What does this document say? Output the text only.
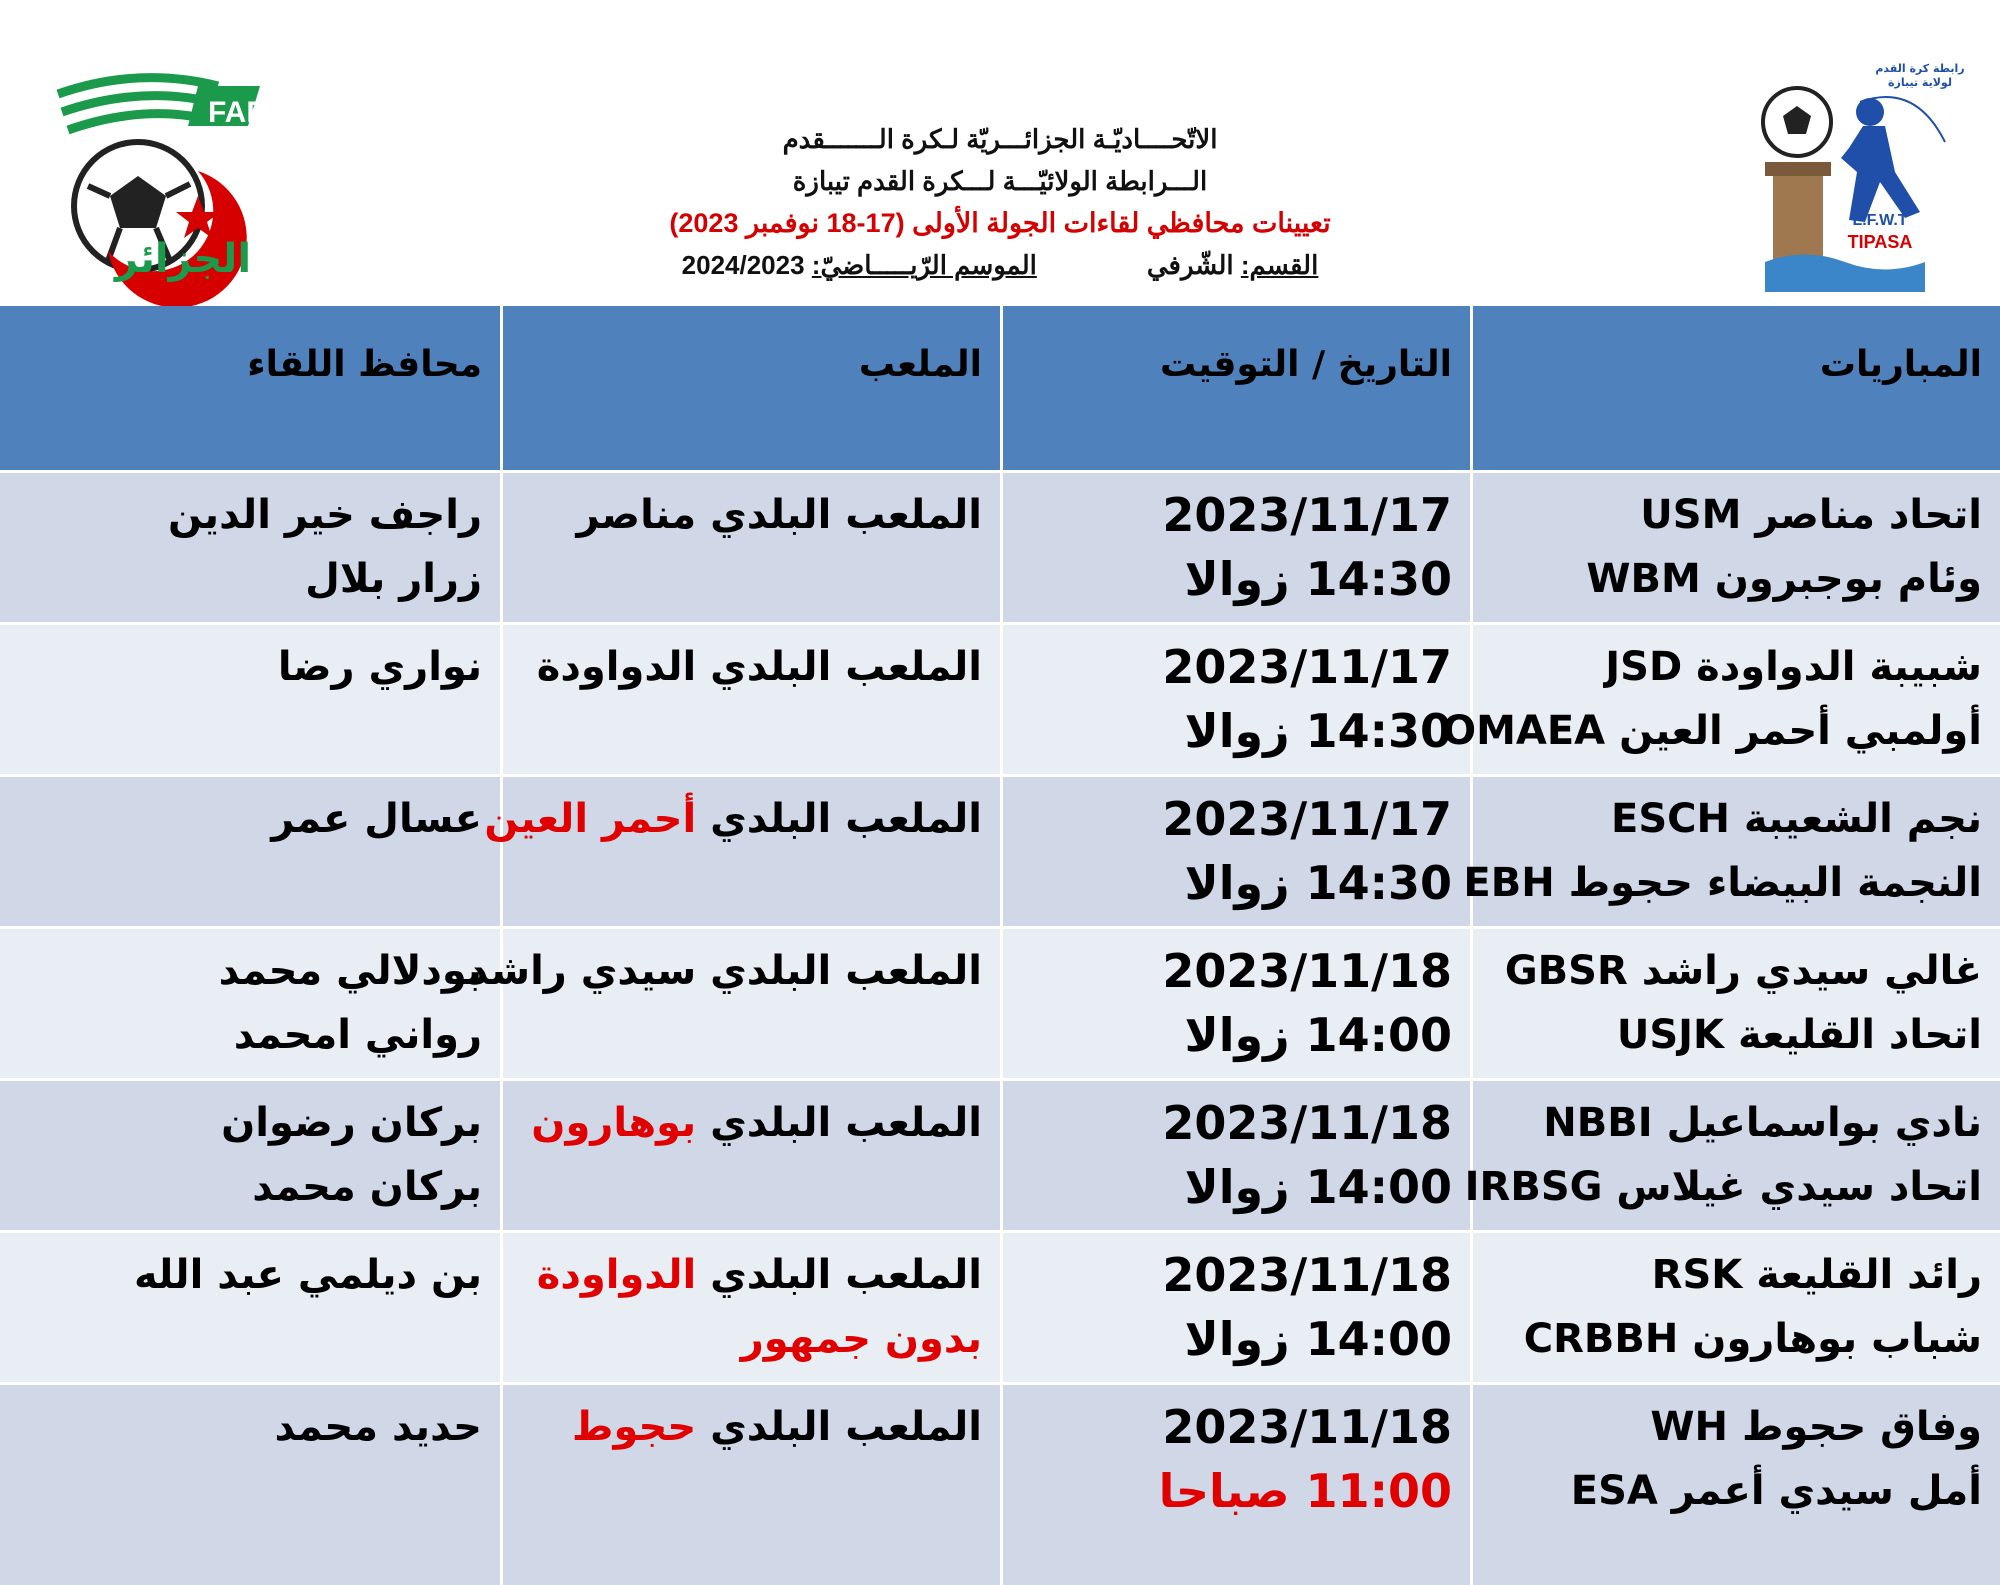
FAF
الجزائر
الاتّحــــاديّـة الجزائـــريّة لـكرة الـــــــقدم
الـــرابطة الولائيّـــة لـــكرة القدم تيبازة
تعيينات محافظي لقاءات الجولة الأولى (17-18 نوفمبر 2023)
القسم: الشّرفي
الموسم الرّيـــــاضيّ: 2024/2023
L.F.W.T
TIPASA
رابطة كرة القدم لولاية تيبازة
المباريات
التاريخ / التوقيت
الملعب
محافظ اللقاء
اتحاد مناصر USM
وئام بوجبرون WBM
2023/11/17
14:30 زوالا
الملعب البلدي مناصر
راجف خير الدين
زرار بلال
شبيبة الدواودة JSD
أولمبي أحمر العين OMAEA
2023/11/17
14:30 زوالا
الملعب البلدي الدواودة
نواري رضا
نجم الشعيبة ESCH
النجمة البيضاء حجوط EBH
2023/11/17
14:30 زوالا
الملعب البلدي أحمر العين
عسال عمر
غالي سيدي راشد GBSR
اتحاد القليعة USJK
2023/11/18
14:00 زوالا
الملعب البلدي سيدي راشد
بودلالي محمد
رواني امحمد
نادي بواسماعيل NBBI
اتحاد سيدي غيلاس IRBSG
2023/11/18
14:00 زوالا
الملعب البلدي بوهارون
بركان رضوان
بركان محمد
رائد القليعة RSK
شباب بوهارون CRBBH
2023/11/18
14:00 زوالا
الملعب البلدي الدواودة
بدون جمهور
بن ديلمي عبد الله
وفاق حجوط WH
أمل سيدي أعمر ESA
2023/11/18
11:00 صباحا
الملعب البلدي حجوط
حديد محمد
